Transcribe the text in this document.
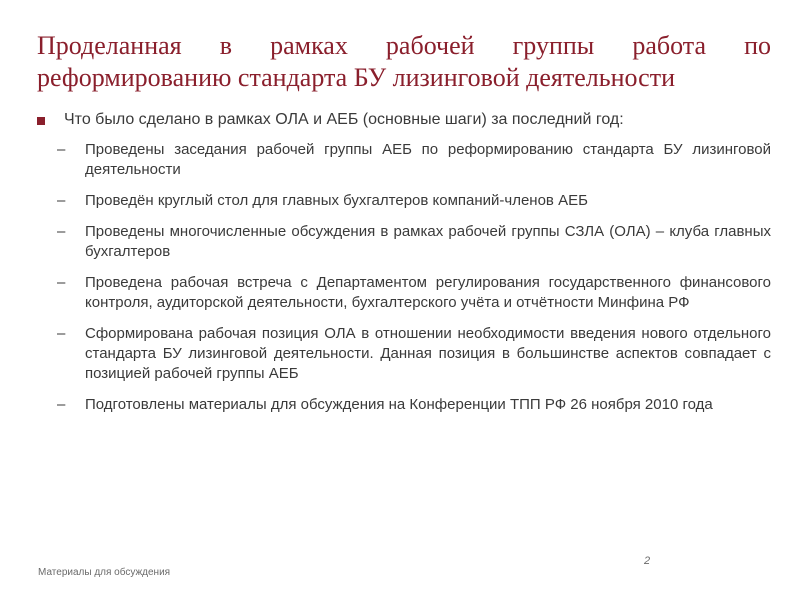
Проделанная в рамках рабочей группы работа по реформированию стандарта БУ лизинговой деятельности
Что было сделано в рамках ОЛА и АЕБ (основные шаги) за последний год:
– Проведены заседания рабочей группы АЕБ по реформированию стандарта БУ лизинговой деятельности
– Проведён круглый стол для главных бухгалтеров компаний-членов АЕБ
– Проведены многочисленные обсуждения в рамках рабочей группы СЗЛА (ОЛА) – клуба главных бухгалтеров
– Проведена рабочая встреча с Департаментом регулирования государственного финансового контроля, аудиторской деятельности, бухгалтерского учёта и отчётности Минфина РФ
– Сформирована рабочая позиция ОЛА в отношении необходимости введения нового отдельного стандарта БУ лизинговой деятельности. Данная позиция в большинстве аспектов совпадает с позицией рабочей группы АЕБ
– Подготовлены материалы для обсуждения на Конференции ТПП РФ 26 ноября 2010 года
2
Материалы для обсуждения
